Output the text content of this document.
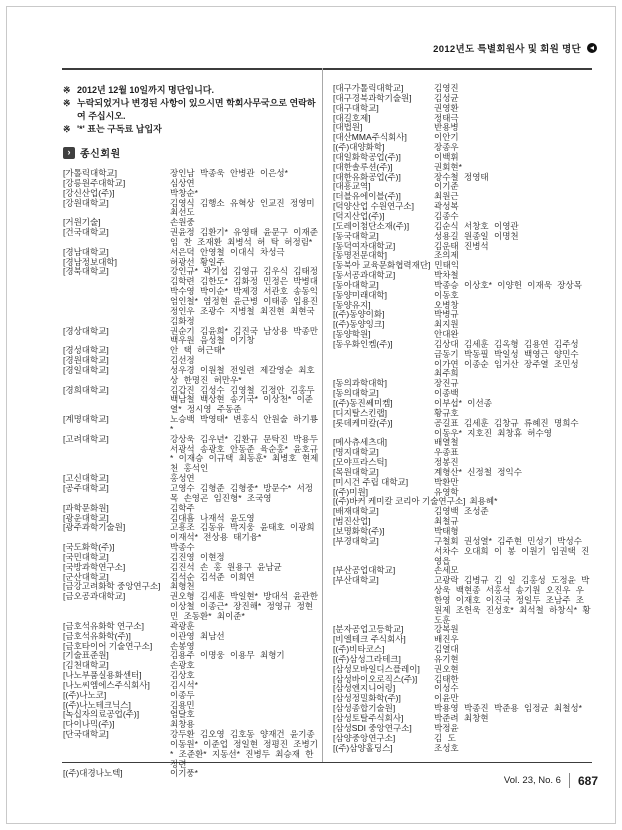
2012년도 특별회원사 및 회원 명단
※ 2012년 12월 10일까지 명단입니다.
※ 누락되었거나 변경된 사항이 있으시면 학회사무국으로 연락하여 주십시오.
※ '*' 표는 구독료 납입자
› 종신회원
[가톨릭대학교]	장인남 박종욱 안병관 이은성*
[강릉원주대학교]	심상연
[강신산업(주)]	박창순*
[강원대학교]	김영식 김행소 유혁상 인교진 정영미 최선도
[거원기술]	손원중
[건국대학교]	권윤정 김환기* 유영태 윤문구 이재준 임 찬 조재환 최병석 허 탁 허정림*
[경남대학교]	서은덕 안영철 이대식 차성극
[경남정보대학]	허광선 황일주
[경북대학교]	강인규* 곽기섭 김영규 김우식 김태정 김학련 김한도* 김화정 민정은 박병대 박수영 박이순* 박제경 서관호 송동익 엄인철* 염정현 윤근병 이태종 임용진 정인우 조광수 지병철 최진현 최현국 김화정
[경상대학교]	권순기 김윤희* 김진국 남상용 박종만 백우원 음성철 이기창
[경성대학교]	안 택 허근태*
[경원대학교]	김선정
[경일대학교]	성우경 이원철 전일련 제갈영순 최호상 한명진 허만우*
[경희대학교]	김갑진 김성수 김영철 김정안 김홍두 백남철 백상현 송기국* 이상천* 이준열* 정시영 주동준
[계명대학교]	노승백 박영태* 변홍식 안원술 하기룡*
[고려대학교]	강상욱 김우년* 김환규 문탁진 박용두 서광석 송광호 안동준 육순홍* 윤호규* 이재승 이규택 최동훈* 최병호 현제천 홍석인
[고신대학교]	홍성연
[공주대학교]	고영수 김형준 김형중* 방문수* 서정목 손영곤 임진형* 조국영
[과학문화원]	김학주
[광운대학교]	김대흠 나재석 윤도영
[광주과학기술원]	고흥조 김동유 박지웅 윤태호 이광희 이재석* 전상용 태기융*
[국도화학(주)]	박종수
[국민대학교]	김진영 이현정
[국방과학연구소]	김진석 손 홍 원용구 윤남균
[군산대학교]	김석순 김석준 이희연
[금강고려화학 중앙연구소]	최형천
[금오공과대학교]	권오형 김세훈 박일현* 방대석 윤관한 이상철 이종근* 장진해* 정영규 정현민 조동환* 최이준*
[금호석유화학 연구소]	곽광훈
[금호석유화학(주)]	이관영 최남선
[금호타이어 기술연구소]	손봉영
[기술표준원]	김용주 이명웅 이용무 최형기
[김천대학교]	손광호
[나노부품실용화센터]	김상호
[나노씨엠에스주식회사]	김시석*
[(주)나노코]	이종두
[(주)나노테크닉스]	김용민
[녹십자의료공업(주)]	엄달호
[다이나믹(주)]	최창용
[단국대학교]	강두환 김오영 김호동 양재건 윤기종 이동원* 이준업 정일현 정평진 조병기* 조준환* 지동선* 진병두 최승재 한정련
[(주)대경나노텍]	이기풍*
[대구가톨릭대학교]	김영진
[대구경북과학기술원]	김성균
[대구대학교]	권영환
[대길호제]	정태극
[대법원]	반용병
[대산MMA주식회사]	이안기
[(주)대양화학]	장종우
[대일화학공업(주)]	이백휘
[대한솔루션(주)]	권회현*
[대한유화공업(주)]	장수철 정영태
[대흥교역]	이기준
[더블유에이블(주)]	최원근
[덕양산업 수원연구소]	곽성복
[덕지산업(주)]	김종수
[도레이첨단소재(주)]	김순식 서창호 이영관
[동국대학교]	성용길 원종일 이명천
[동덕여자대학교]	김운태 진병석
[동명전문대학]	조의제
[동북아 교육문화협력재단] 민태익
[동서공과대학교]	박차철
[동아대학교]	박종승 이상호* 이양헌 이재욱 장상목
[동양미래대학]	이동호
[동양유지]	오병창
[(주)동양이화]	박병규
[(주)동양잉크]	최지원
[동양학원]	안대완
[동우화인켐(주)]	김상대 김세훈 김옥형 김용연 김주성 금동기 박동필 박일성 백영근 양민수 이가연 이종순 임거산 장주열 조민성 최주희
[동의과학대학]	장진규
[동의대학교]	이종백
[(주)동진쎄미켐]	이부섭* 이선종
[디지탈스킨랩]	황규호
[롯데케미칼(주)]	공길표 김세훈 김창규 류혜진 명희수 이동우* 지호진 최창휴 허수영
[메사츄세츠대]	배열철
[명지대학교]	우종표
[모야프라스틱]	정봉진
[목원대학교]	계형산* 신정철 정익수
[미시건 주립 대학교]	박환만
[(주)미원]	유영학
[(주)바커 케미칼 코리아 기술연구소] 최용혜*
[배재대학교]	김영백 조성준
[범진산업]	최철규
[보명화학(주)]	박태형
[부경대학교]	구철회 권성열* 김주현 민성기 박성수 서차수 오대희 이 봉 이원기 임권택 진영읍
[부산공업대학교]	손세모
[부산대학교]	고광락 김병규 김 일 김홍성 도정윤 박상욱 백현종 서홍석 송기원 오진우 우한영 이재호 이진국 정일두 조남주 조원제 조헌욱 진성호* 최석철 하창식* 황도훈
[분자공업고등학교]	강복원
[비엘테크 주식회사]	배진우
[(주)비타코스]	김열대
[(주)삼성그라테크]	유기현
[삼성모바일디스플레이]	권오현
[삼성바이오로직스(주)]	김태한
[삼성엔지니어링]	이성수
[삼성정밀화학(주)]	이윤만
[삼성종합기술원]	박용영 박종진 박준용 임정균 최철성*
[삼성토탈주식회사]	박준려 최창현
[삼성SDI 중앙연구소]	박정윤
[삼양중앙연구소]	김 도
[(주)삼양홀딩스]	조성호
Vol. 23, No. 6 687
